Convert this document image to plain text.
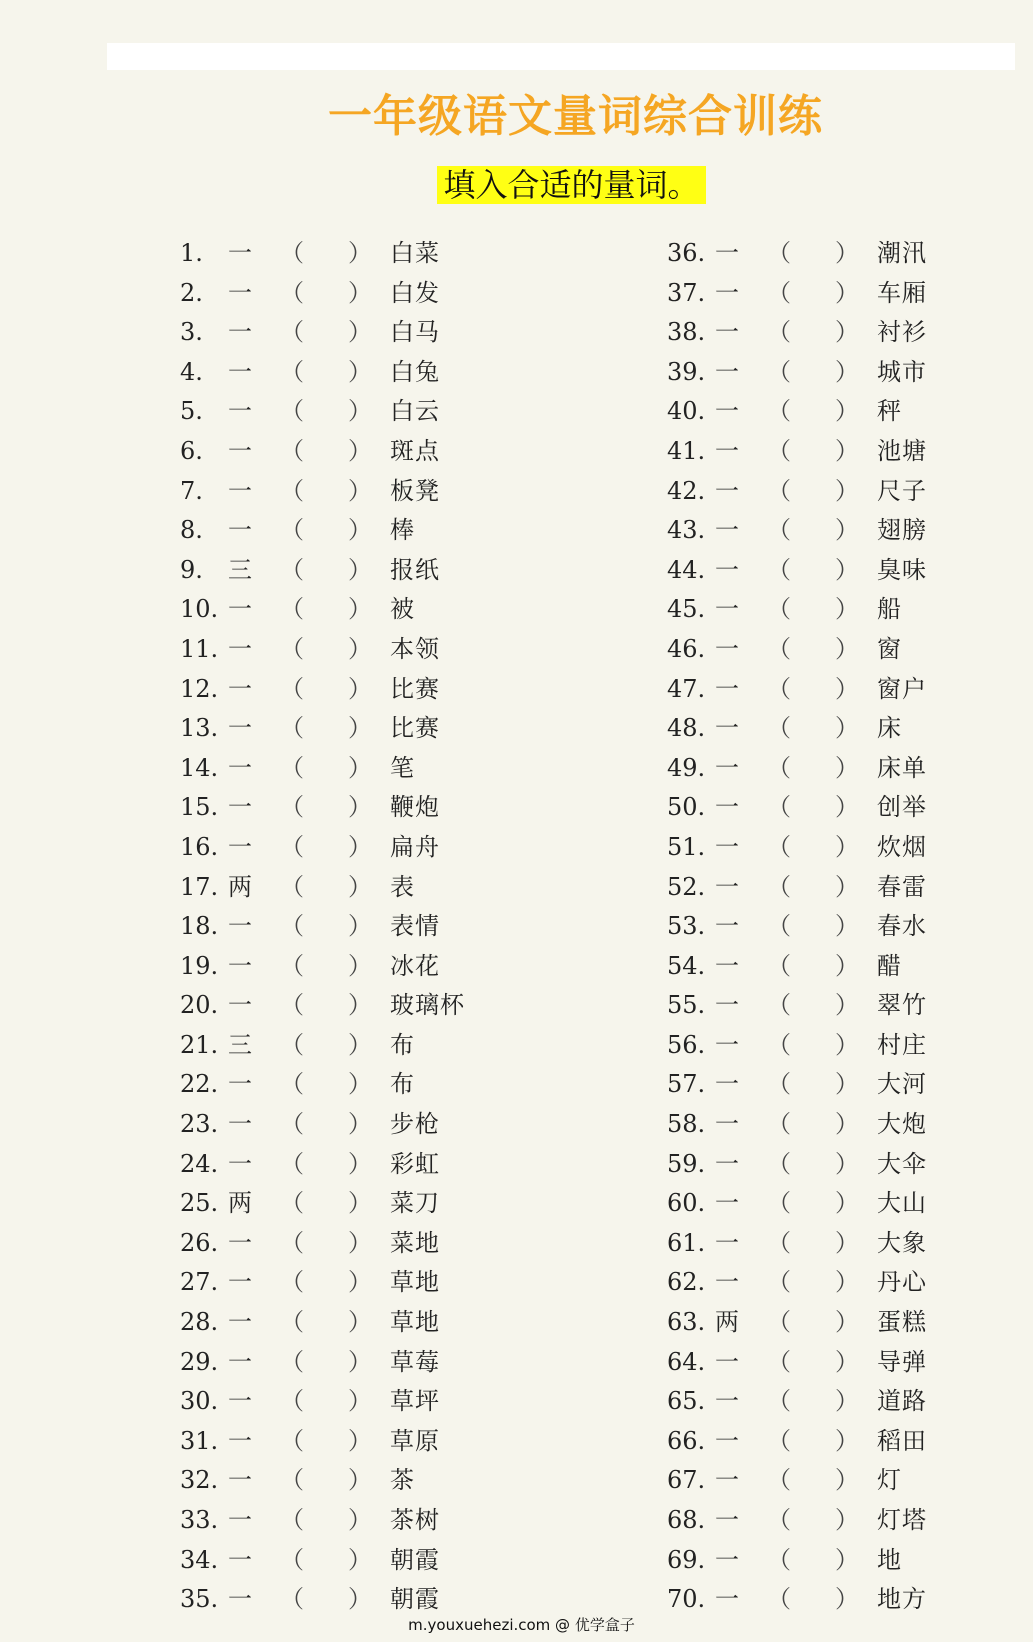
一年级语文量词综合训练
填入合适的量词。
1. 一 （ ） 白菜
2. 一 （ ） 白发
3. 一 （ ） 白马
4. 一 （ ） 白兔
5. 一 （ ） 白云
6. 一 （ ） 斑点
7. 一 （ ） 板凳
8. 一 （ ） 棒
9. 三 （ ） 报纸
10. 一 （ ） 被
11. 一 （ ） 本领
12. 一 （ ） 比赛
13. 一 （ ） 比赛
14. 一 （ ） 笔
15. 一 （ ） 鞭炮
16. 一 （ ） 扁舟
17. 两 （ ） 表
18. 一 （ ） 表情
19. 一 （ ） 冰花
20. 一 （ ） 玻璃杯
21. 三 （ ） 布
22. 一 （ ） 布
23. 一 （ ） 步枪
24. 一 （ ） 彩虹
25. 两 （ ） 菜刀
26. 一 （ ） 菜地
27. 一 （ ） 草地
28. 一 （ ） 草地
29. 一 （ ） 草莓
30. 一 （ ） 草坪
31. 一 （ ） 草原
32. 一 （ ） 茶
33. 一 （ ） 茶树
34. 一 （ ） 朝霞
35. 一 （ ） 朝霞
36. 一 （ ） 潮汛
37. 一 （ ） 车厢
38. 一 （ ） 衬衫
39. 一 （ ） 城市
40. 一 （ ） 秤
41. 一 （ ） 池塘
42. 一 （ ） 尺子
43. 一 （ ） 翅膀
44. 一 （ ） 臭味
45. 一 （ ） 船
46. 一 （ ） 窗
47. 一 （ ） 窗户
48. 一 （ ） 床
49. 一 （ ） 床单
50. 一 （ ） 创举
51. 一 （ ） 炊烟
52. 一 （ ） 春雷
53. 一 （ ） 春水
54. 一 （ ） 醋
55. 一 （ ） 翠竹
56. 一 （ ） 村庄
57. 一 （ ） 大河
58. 一 （ ） 大炮
59. 一 （ ） 大伞
60. 一 （ ） 大山
61. 一 （ ） 大象
62. 一 （ ） 丹心
63. 两 （ ） 蛋糕
64. 一 （ ） 导弹
65. 一 （ ） 道路
66. 一 （ ） 稻田
67. 一 （ ） 灯
68. 一 （ ） 灯塔
69. 一 （ ） 地
70. 一 （ ） 地方
m.youxuehezi.com @ 优学盒子
